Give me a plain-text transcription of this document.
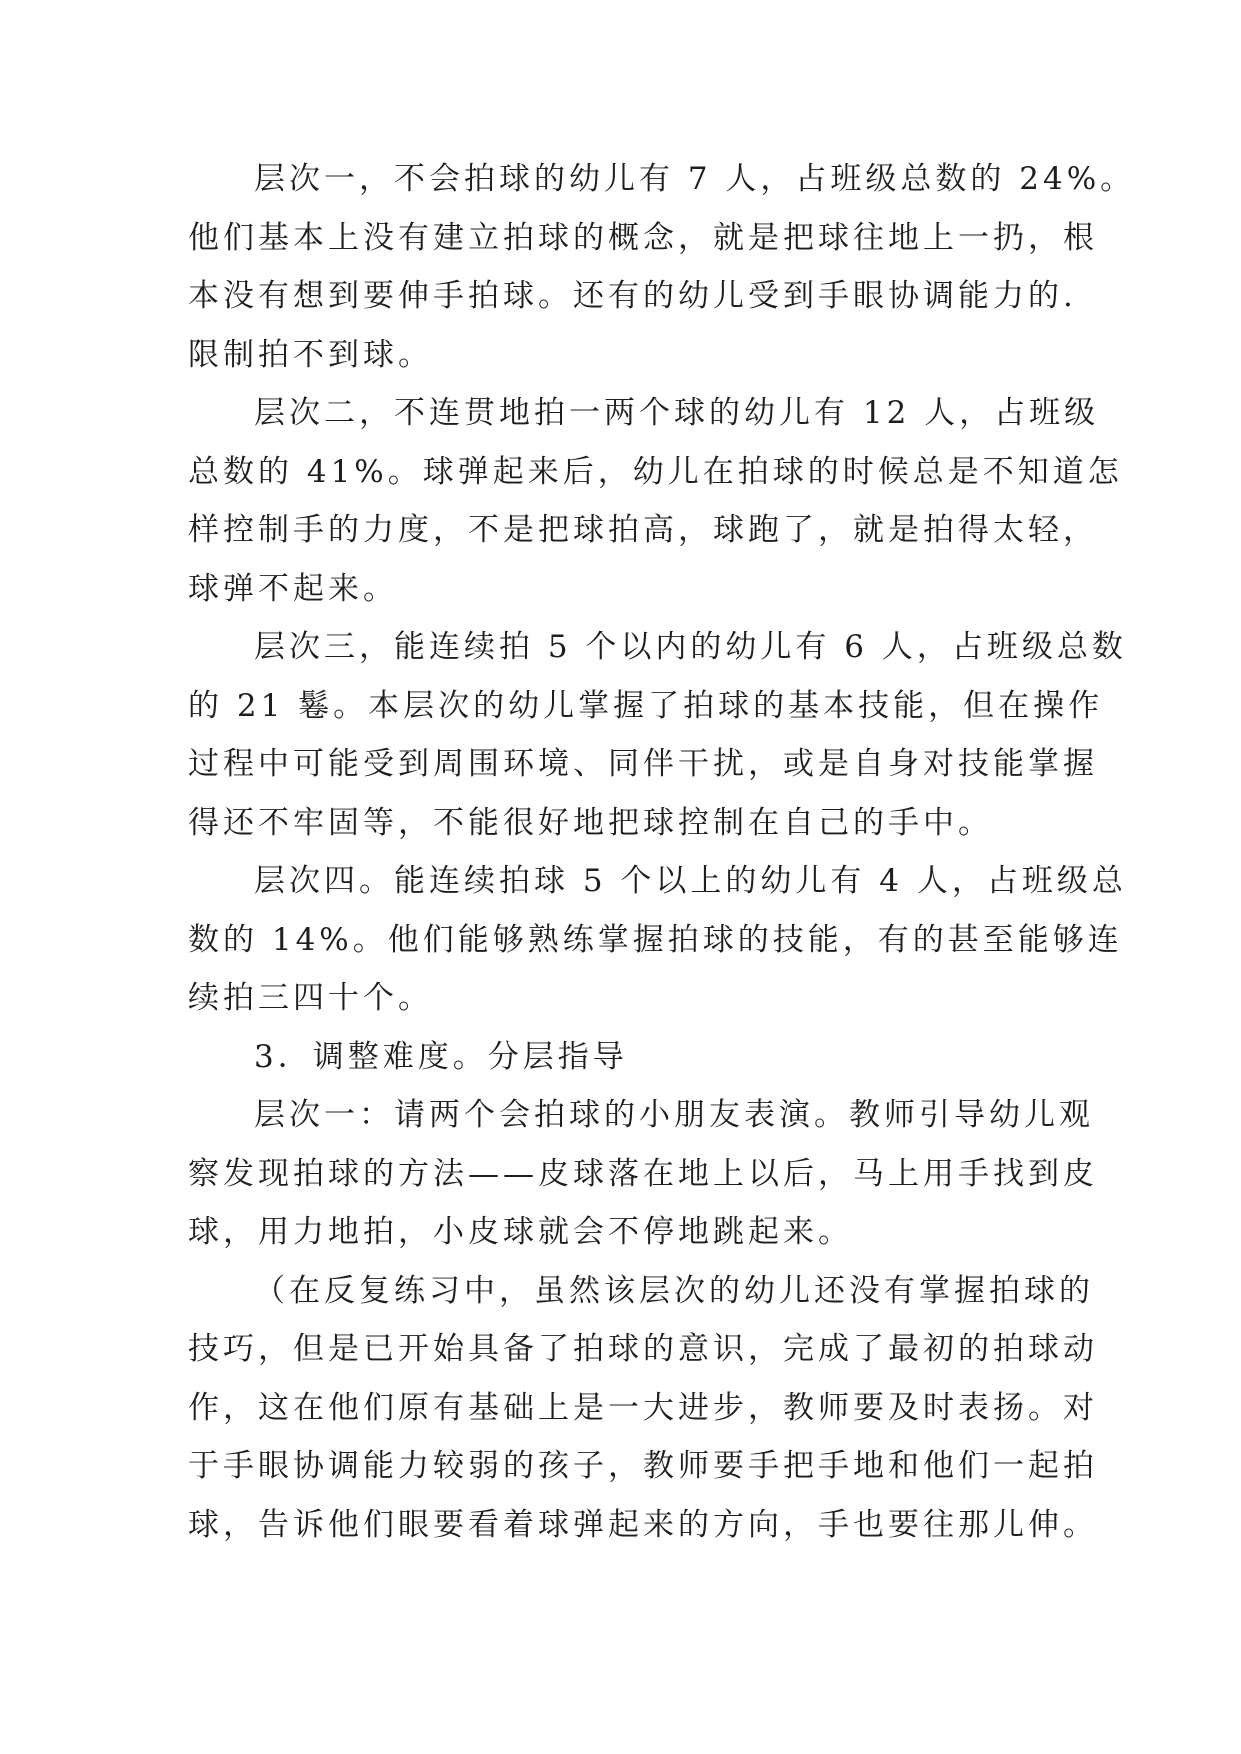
层次一，不会拍球的幼儿有 7 人，占班级总数的 24%。
他们基本上没有建立拍球的概念，就是把球往地上一扔，根
本没有想到要伸手拍球。还有的幼儿受到手眼协调能力的.
限制拍不到球。
层次二，不连贯地拍一两个球的幼儿有 12 人，占班级
总数的 41%。球弹起来后，幼儿在拍球的时候总是不知道怎
样控制手的力度，不是把球拍高，球跑了，就是拍得太轻，
球弹不起来。
层次三，能连续拍 5 个以内的幼儿有 6 人，占班级总数
的 21 鬈。本层次的幼儿掌握了拍球的基本技能，但在操作
过程中可能受到周围环境、同伴干扰，或是自身对技能掌握
得还不牢固等，不能很好地把球控制在自己的手中。
层次四。能连续拍球 5 个以上的幼儿有 4 人，占班级总
数的 14%。他们能够熟练掌握拍球的技能，有的甚至能够连
续拍三四十个。
3．调整难度。分层指导
层次一：请两个会拍球的小朋友表演。教师引导幼儿观
察发现拍球的方法——皮球落在地上以后，马上用手找到皮
球，用力地拍，小皮球就会不停地跳起来。
（在反复练习中，虽然该层次的幼儿还没有掌握拍球的
技巧，但是已开始具备了拍球的意识，完成了最初的拍球动
作，这在他们原有基础上是一大进步，教师要及时表扬。对
于手眼协调能力较弱的孩子，教师要手把手地和他们一起拍
球，告诉他们眼要看着球弹起来的方向，手也要往那儿伸。
